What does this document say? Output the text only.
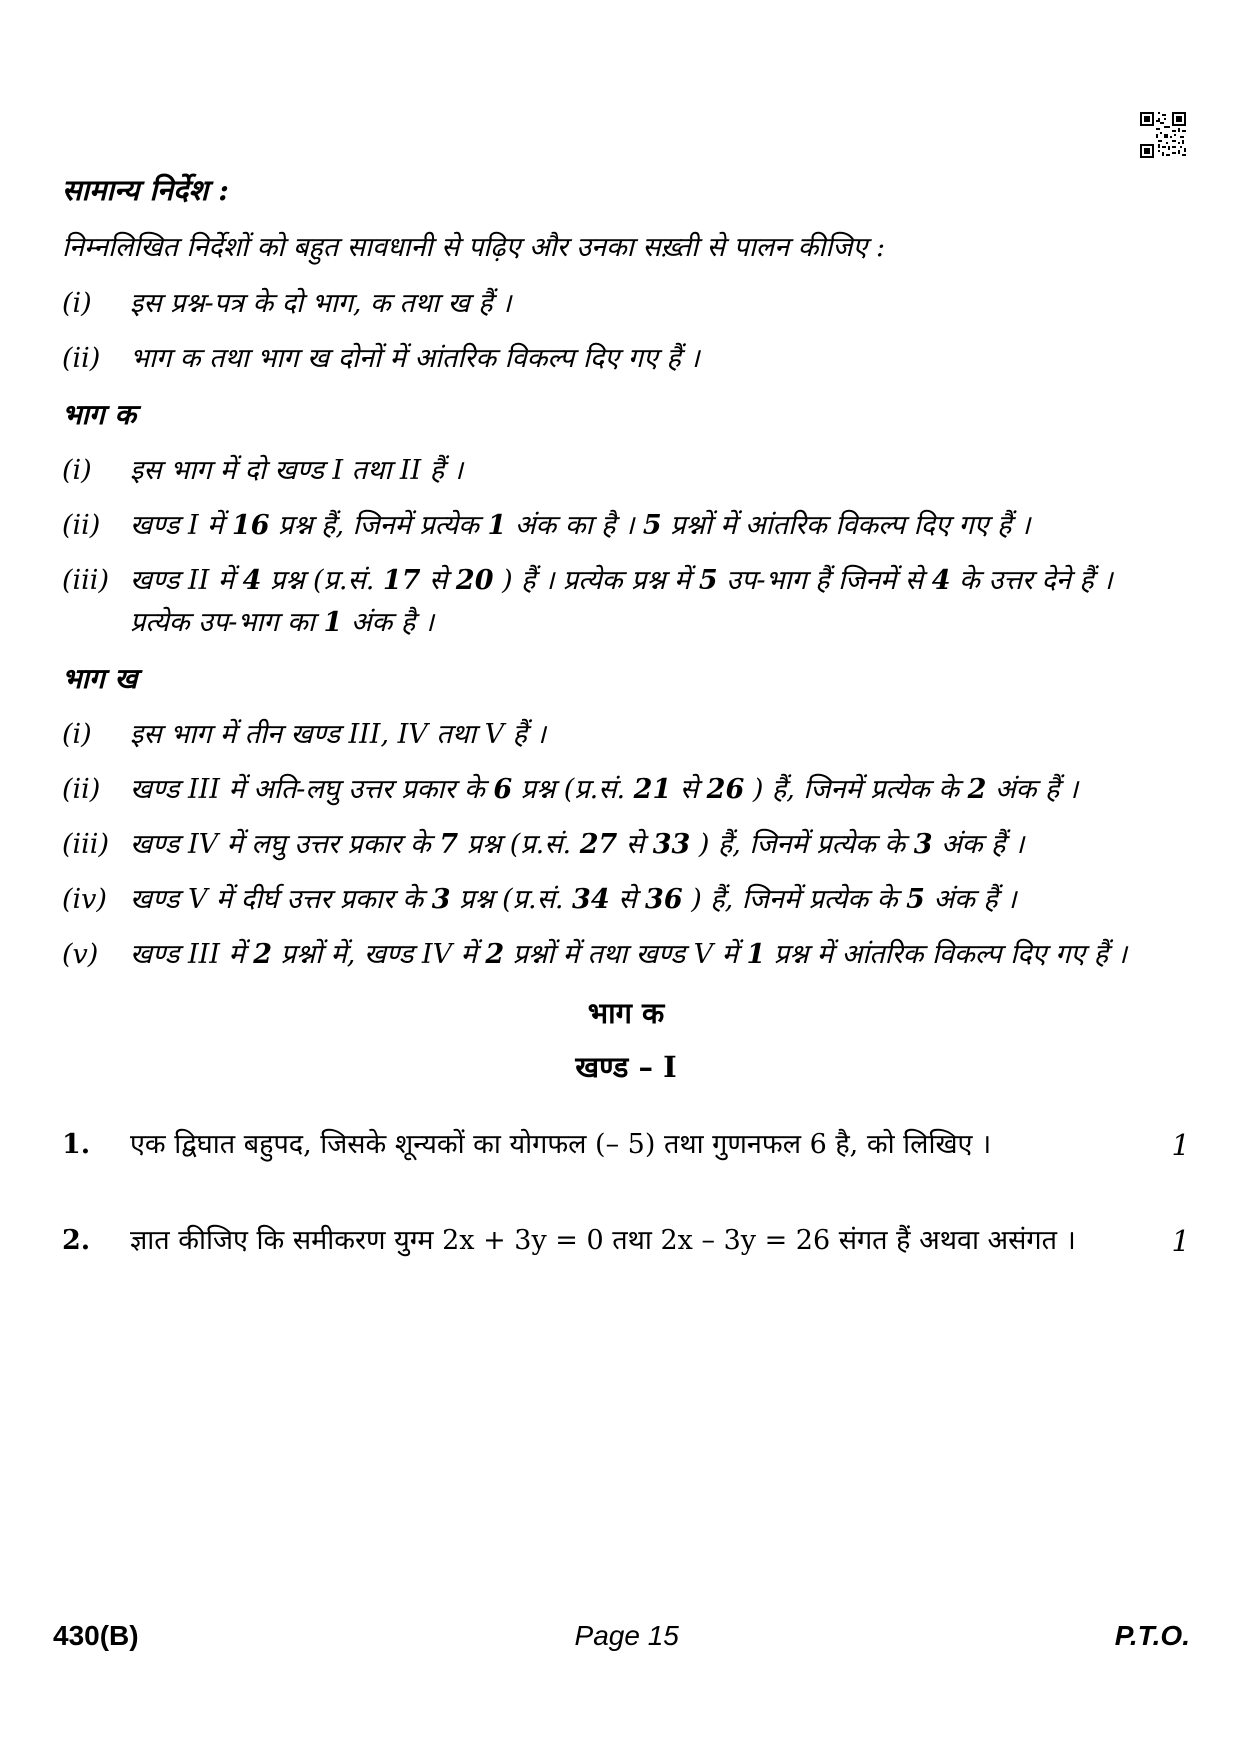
सामान्य निर्देश :
निम्नलिखित निर्देशों को बहुत सावधानी से पढ़िए और उनका सख़्ती से पालन कीजिए :
(i)	इस प्रश्न-पत्र के दो भाग, क तथा ख हैं ।
(ii)	भाग क तथा भाग ख दोनों में आंतरिक विकल्प दिए गए हैं ।
भाग क
(i)	इस भाग में दो खण्ड I तथा II हैं ।
(ii)	खण्ड I में 16 प्रश्न हैं, जिनमें प्रत्येक 1 अंक का है । 5 प्रश्नों में आंतरिक विकल्प दिए गए हैं ।
(iii) खण्ड II में 4 प्रश्न (प्र.सं. 17 से 20 ) हैं । प्रत्येक प्रश्न में 5 उप-भाग हैं जिनमें से 4 के उत्तर देने हैं । प्रत्येक उप-भाग का 1 अंक है ।
भाग ख
(i)	इस भाग में तीन खण्ड III, IV तथा V हैं ।
(ii)	खण्ड III में अति-लघु उत्तर प्रकार के 6 प्रश्न (प्र.सं. 21 से 26 ) हैं, जिनमें प्रत्येक के 2 अंक हैं ।
(iii) खण्ड IV में लघु उत्तर प्रकार के 7 प्रश्न (प्र.सं. 27 से 33 ) हैं, जिनमें प्रत्येक के 3 अंक हैं ।
(iv) खण्ड V में दीर्घ उत्तर प्रकार के 3 प्रश्न (प्र.सं. 34 से 36 ) हैं, जिनमें प्रत्येक के 5 अंक हैं ।
(v)	खण्ड III में 2 प्रश्नों में, खण्ड IV में 2 प्रश्नों में तथा खण्ड V में 1 प्रश्न में आंतरिक विकल्प दिए गए हैं ।
भाग क
खण्ड – I
1.	एक द्विघात बहुपद, जिसके शून्यकों का योगफल (– 5) तथा गुणनफल 6 है, को लिखिए ।	1
2.	ज्ञात कीजिए कि समीकरण युग्म 2x + 3y = 0 तथा 2x – 3y = 26 संगत हैं अथवा असंगत ।	1
430(B)	Page 15	P.T.O.
